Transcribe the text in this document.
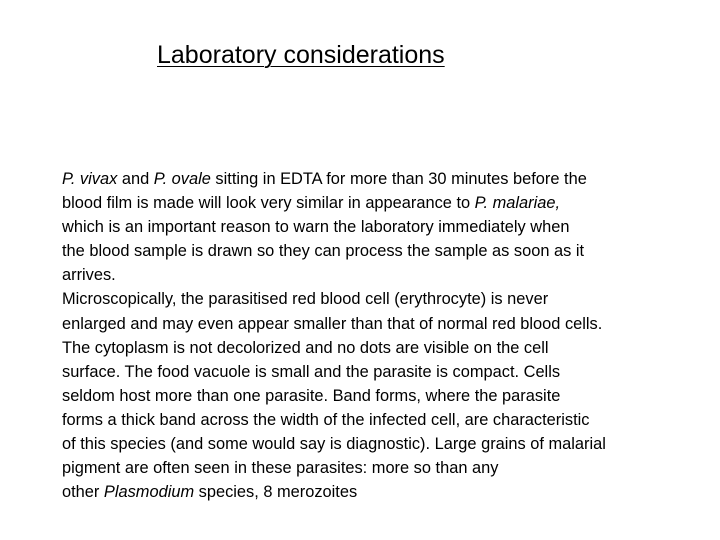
Laboratory considerations
P. vivax and P. ovale sitting in EDTA for more than 30 minutes before the
blood film is made will look very similar in appearance to P. malariae,
which is an important reason to warn the laboratory immediately when
the blood sample is drawn so they can process the sample as soon as it
arrives.
Microscopically, the parasitised red blood cell (erythrocyte) is never
enlarged and may even appear smaller than that of normal red blood cells.
The cytoplasm is not decolorized and no dots are visible on the cell
surface. The food vacuole is small and the parasite is compact. Cells
seldom host more than one parasite. Band forms, where the parasite
forms a thick band across the width of the infected cell, are characteristic
of this species (and some would say is diagnostic). Large grains of malarial
pigment are often seen in these parasites: more so than any
other Plasmodium species, 8 merozoites
